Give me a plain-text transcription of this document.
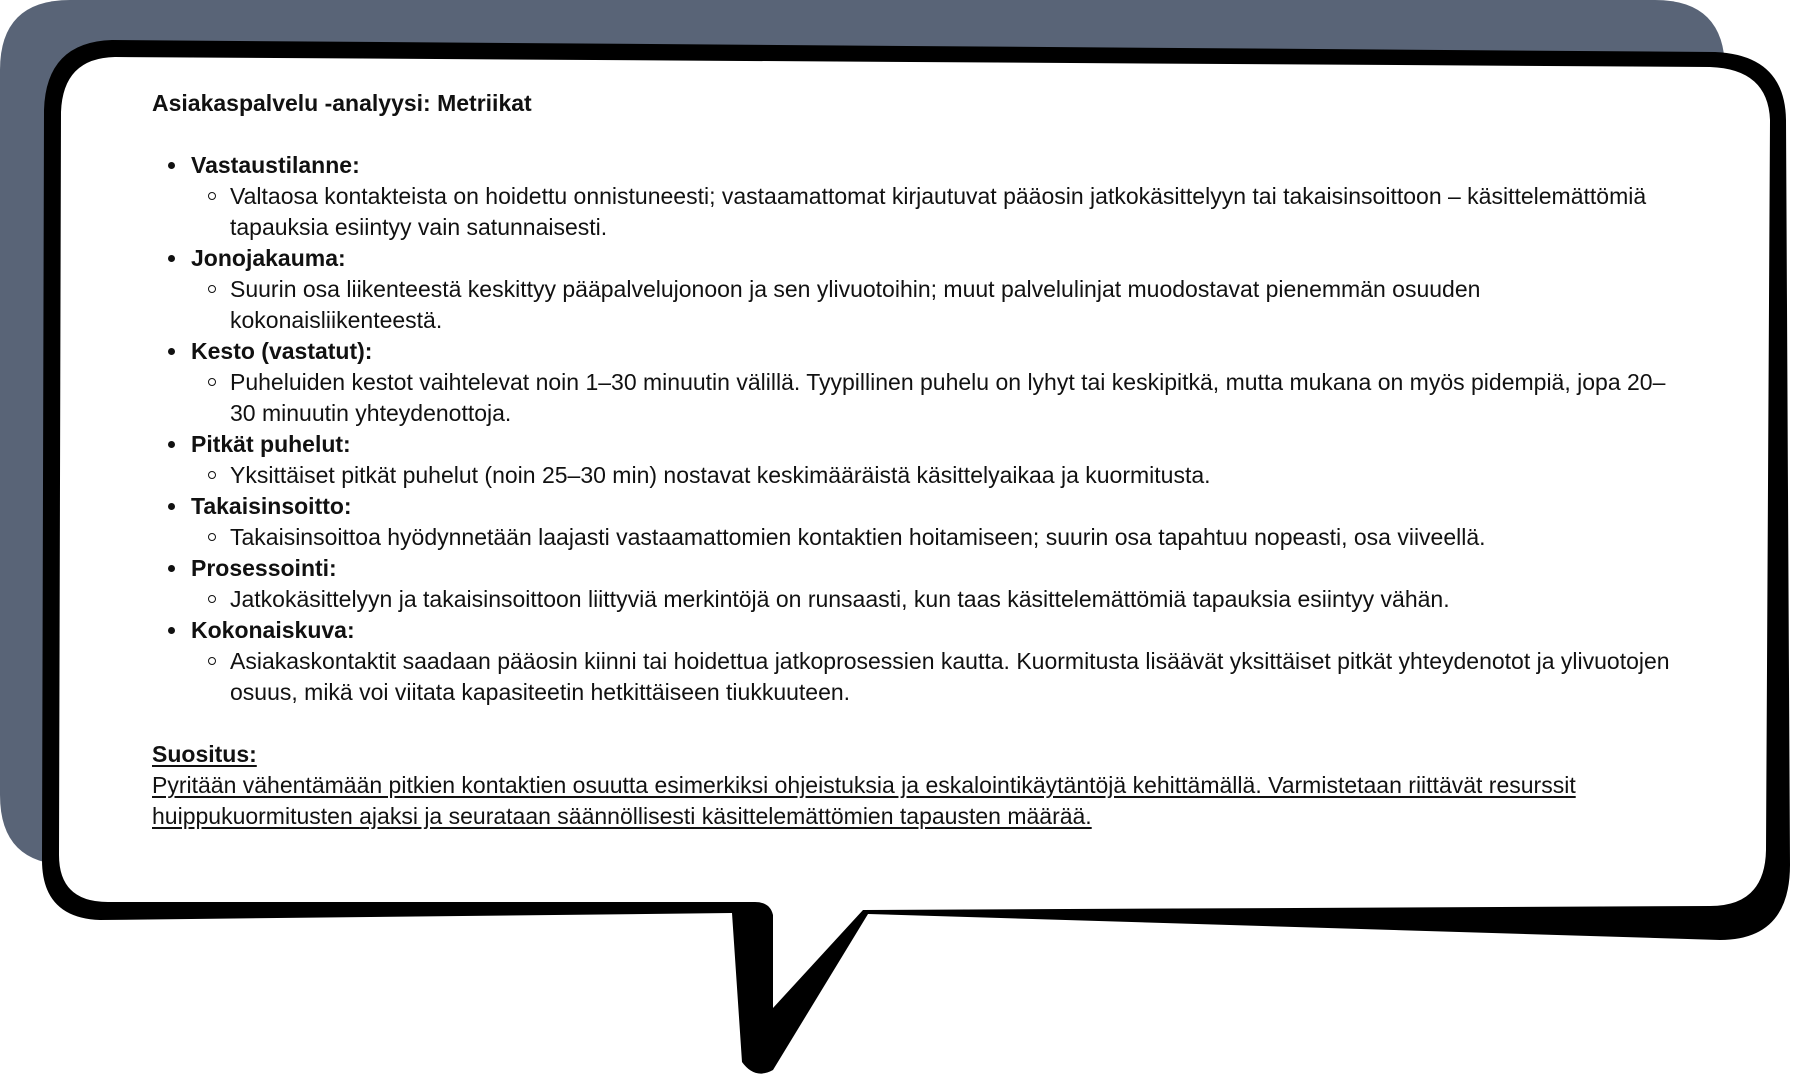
Asiakaspalvelu -analyysi: Metriikat
Vastaustilanne:
Valtaosa kontakteista on hoidettu onnistuneesti; vastaamattomat kirjautuvat pääosin jatkokäsittelyyn tai takaisinsoittoon – käsittelemättömiä tapauksia esiintyy vain satunnaisesti.
Jonojakauma:
Suurin osa liikenteestä keskittyy pääpalvelujonoon ja sen ylivuotoihin; muut palvelulinjat muodostavat pienemmän osuuden kokonaisliikenteestä.
Kesto (vastatut):
Puheluiden kestot vaihtelevat noin 1–30 minuutin välillä. Tyypillinen puhelu on lyhyt tai keskipitkä, mutta mukana on myös pidempiä, jopa 20–30 minuutin yhteydenottoja.
Pitkät puhelut:
Yksittäiset pitkät puhelut (noin 25–30 min) nostavat keskimääräistä käsittelyaikaa ja kuormitusta.
Takaisinsoitto:
Takaisinsoittoa hyödynnetään laajasti vastaamattomien kontaktien hoitamiseen; suurin osa tapahtuu nopeasti, osa viiveellä.
Prosessointi:
Jatkokäsittelyyn ja takaisinsoittoon liittyviä merkintöjä on runsaasti, kun taas käsittelemättömiä tapauksia esiintyy vähän.
Kokonaiskuva:
Asiakaskontaktit saadaan pääosin kiinni tai hoidettua jatkoprosessien kautta. Kuormitusta lisäävät yksittäiset pitkät yhteydenotot ja ylivuotojen osuus, mikä voi viitata kapasiteetin hetkittäiseen tiukkuuteen.
Suositus:
Pyritään vähentämään pitkien kontaktien osuutta esimerkiksi ohjeistuksia ja eskalointikäytäntöjä kehittämällä. Varmistetaan riittävät resurssit huippukuormitusten ajaksi ja seurataan säännöllisesti käsittelemättömien tapausten määrää.
